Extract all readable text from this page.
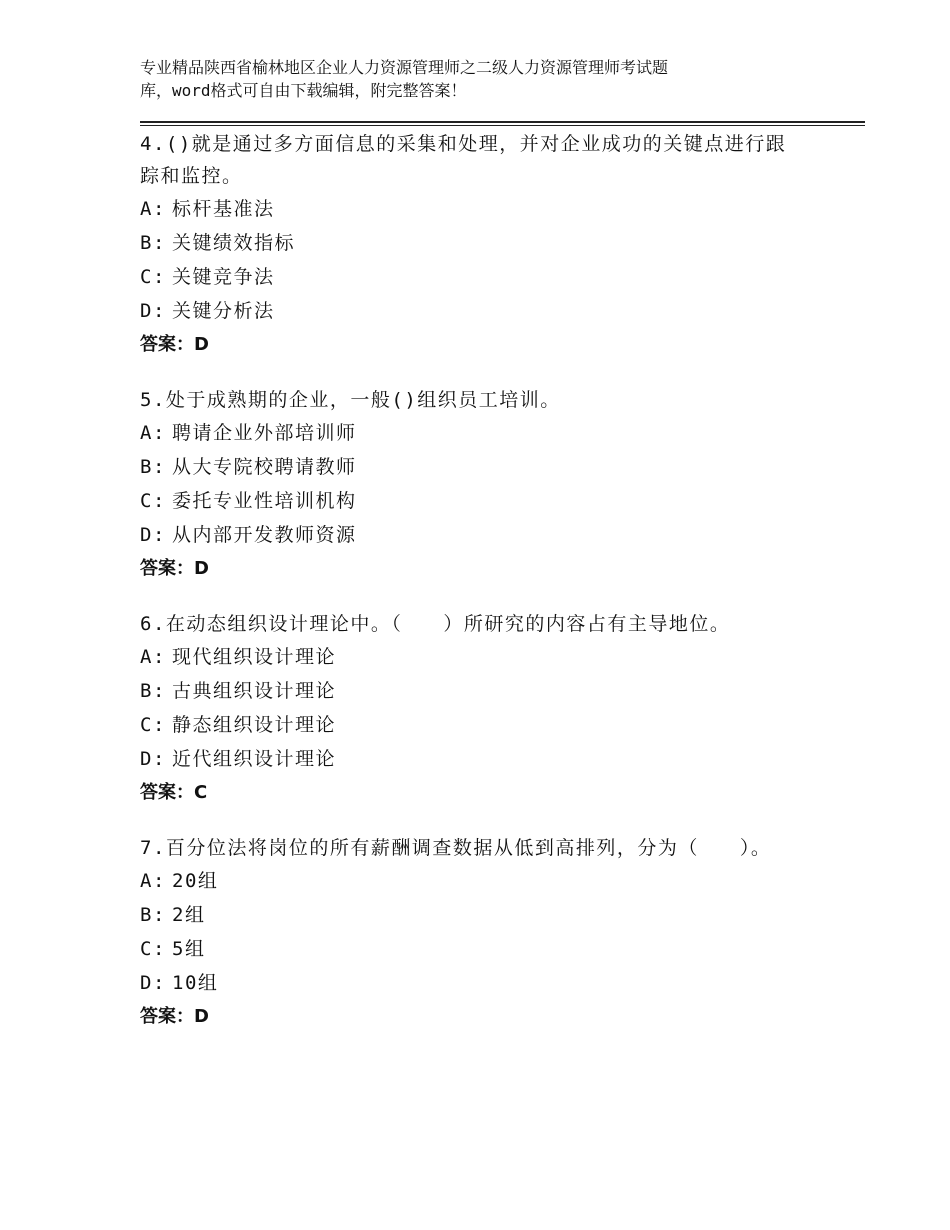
专业精品陕西省榆林地区企业人力资源管理师之二级人力资源管理师考试题
库，word格式可自由下载编辑，附完整答案！
4.()就是通过多方面信息的采集和处理，并对企业成功的关键点进行跟踪和监控。
A: 标杆基准法
B: 关键绩效指标
C: 关键竞争法
D: 关键分析法
答案：D
5.处于成熟期的企业，一般()组织员工培训。
A: 聘请企业外部培训师
B: 从大专院校聘请教师
C: 委托专业性培训机构
D: 从内部开发教师资源
答案：D
6.在动态组织设计理论中。（　　）所研究的内容占有主导地位。
A: 现代组织设计理论
B: 古典组织设计理论
C: 静态组织设计理论
D: 近代组织设计理论
答案：C
7.百分位法将岗位的所有薪酬调查数据从低到高排列，分为（　　）。
A: 20组
B: 2组
C: 5组
D: 10组
答案：D
